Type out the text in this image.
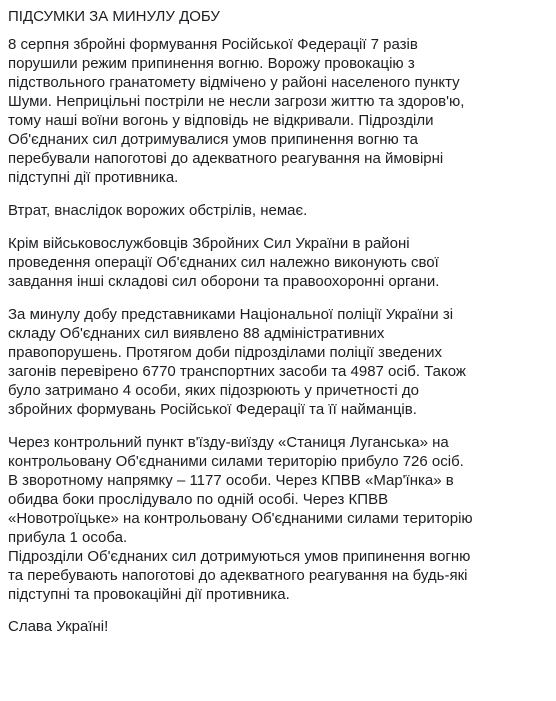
ПІДСУМКИ ЗА МИНУЛУ ДОБУ
8 серпня збройні формування Російської Федерації 7 разів
порушили режим припинення вогню. Ворожу провокацію з
підствольного гранатомету відмічено у районі населеного пункту
Шуми. Неприцільні постріли не несли загрози життю та здоров'ю,
тому наші воїни вогонь у відповідь не відкривали. Підрозділи
Об'єднаних сил дотримувалися умов припинення вогню та
перебували напоготові до адекватного реагування на ймовірні
підступні дії противника.
Втрат, внаслідок ворожих обстрілів, немає.
Крім військовослужбовців Збройних Сил України в районі
проведення операції Об'єднаних сил належно виконують свої
завдання інші складові сил оборони та правоохоронні органи.
За минулу добу представниками Національної поліції України зі
складу Об'єднаних сил виявлено 88 адміністративних
правопорушень. Протягом доби підрозділами поліції зведених
загонів перевірено 6770 транспортних засоби та 4987 осіб. Також
було затримано 4 особи, яких підозрюють у причетності до
збройних формувань Російської Федерації та її найманців.
Через контрольний пункт в'їзду-виїзду «Станиця Луганська» на
контрольовану Об'єднаними силами територію прибуло 726 осіб.
В зворотному напрямку – 1177 особи. Через КПВВ «Мар'їнка» в
обидва боки прослідувало по одній особі. Через КПВВ
«Новотроїцьке» на контрольовану Об'єднаними силами територію
прибула 1 особа.
Підрозділи Об'єднаних сил дотримуються умов припинення вогню
та перебувають напоготові до адекватного реагування на будь-які
підступні та провокаційні дії противника.
Слава Україні!
